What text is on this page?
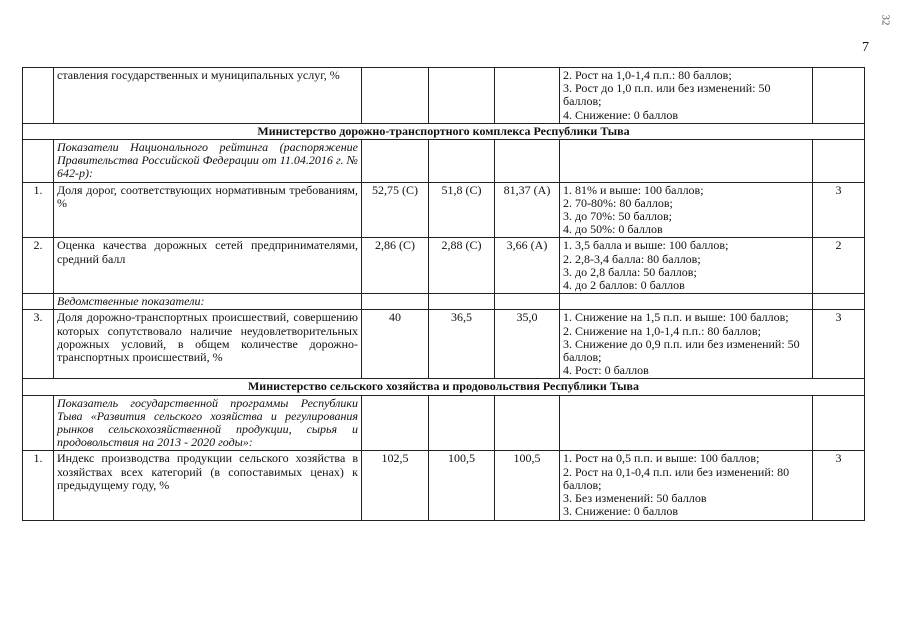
32
7
	ставления государственных и муниципальных услуг, %				2. Рост на 1,0-1,4 п.п.: 80 баллов;
3. Рост до 1,0 п.п. или без изменений: 50 баллов;
4. Снижение: 0 баллов	

Министерство дорожно-транспортного комплекса Республики Тыва						
	Показатели Национального рейтинга (распоряжение Правительства Российской Федерации от 11.04.2016 г. № 642-р):					
1.	Доля дорог, соответствующих нормативным требованиям, %	52,75 (С)	51,8 (С)	81,37 (А)	1. 81% и выше: 100 баллов;
2. 70-80%: 80 баллов;
3. до 70%: 50 баллов;
4. до 50%: 0 баллов	3
2.	Оценка качества дорожных сетей предпринимателями, средний балл	2,86 (С)	2,88 (С)	3,66 (А)	1. 3,5 балла и выше: 100 баллов;
2. 2,8-3,4 балла: 80 баллов;
3. до 2,8 балла: 50 баллов;
4. до 2 баллов: 0 баллов	2
	Ведомственные показатели:					
3.	Доля дорожно-транспортных происшествий, совершению которых сопутствовало наличие неудовлетворительных дорожных условий, в общем количестве дорожно-транспортных происшествий, %	40	36,5	35,0	1. Снижение на 1,5 п.п. и выше: 100 баллов;
2. Снижение на 1,0-1,4 п.п.: 80 баллов;
3. Снижение до 0,9 п.п. или без изменений: 50 баллов;
4. Рост: 0 баллов	3
Министерство сельского хозяйства и продовольствия Республики Тыва						
	Показатель государственной программы Республики Тыва «Развития сельского хозяйства и регулирования рынков сельскохозяйственной продукции, сырья и продовольствия на 2013 - 2020 годы»:					
1.	Индекс производства продукции сельского хозяйства в хозяйствах всех категорий (в сопоставимых ценах) к предыдущему году, %	102,5	100,5	100,5	1. Рост на 0,5 п.п. и выше: 100 баллов;
2. Рост на 0,1-0,4 п.п. или без изменений: 80 баллов;
3. Без изменений: 50 баллов
3. Снижение: 0 баллов	3
